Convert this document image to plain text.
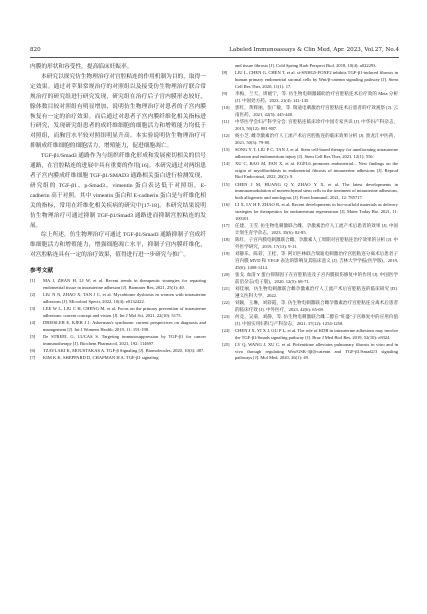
820	Labeled Immunoassays & Clin Med, Apr. 2023, Vol.27, No.4

内膜的形状和容受性，提高临床妊娠率。

本研究以探究仿生物理治疗对宫腔粘连的作用机制为目的，取得一定效果。通过对苹果常规治疗的对照组以及接受仿生物理治疗联合常规治疗的研究组进行研究发现，研究组在治疗后子宫内膜形态较好，腺体数目较对照组有明显增加，说明仿生物理治疗对患者的子宫内膜恢复有一定的治疗效果。而后通过对患者子宫内膜纤维化相关指标进行研究，发现研究组患者的成纤维细胞的细胞活力和增殖能力均低于对照组，而胸宫水平较对照组明显升高。本实验说明仿生物理治疗可抑制成纤维细胞的细胞活力，增殖能力，促进细胞凋亡。

TGF-β1/Smad3 通路作为与组织纤维化形成和发展密切相关的信号通路，在宫腔粘连的进展中具有重要的作用[16]。本研究通过对两组患者子宫内膜成纤维细胞 TGF-β1/SMAD3 通路相关蛋白进行检测发现，研究组的 TGF-β1、p-Smad3、vimentin 蛋白表达低于对照组，E-cadherin 高于对照。其中 vimentin 蛋白和 E-cadherin 蛋白是与纤维化相关的指标，常用在纤维化相关疾病的研究中[17-18]。本研究结果说明仿生物理治疗可通过抑制 TGF-β1/Smad3 通路进而抑制宫腔粘连的发展。

综上所述，仿生物理治疗可通过 TGF-β1/Smad3 通路抑制子宫成纤维细胞活力和增殖能力，增强细胞凋亡水平，抑制子宫内膜纤维化，对宫腔粘连具有一定的治疗效果，值得进行进一步研究与推广。

参考文献
[1] MA J, ZHAN H, LI W, et al. Recent trends in therapeutic strategies for repairing endometrial tissue in intrauterine adhesion [J]. Biomater Res, 2021, 25(1): 40.
[2] LIU N N, ZHAO X, TAN J C, et al. Mycobiome dysbiosis in women with intrauterine adhesions [J]. Microbiol Spectr, 2022, 10(4): e0132422.
[3] LEE W L, LIU C H, CHENG M, et al. Focus on the primary prevention of intrauterine adhesions: current concept and vision [J]. Int J Mol Sci, 2021, 22(10): 5175.
[4] DREISLER E, KJER J J. Asherman's syndrome: current perspectives on diagnosis and management [J]. Int J Womens Health, 2019, 11: 191-198.
[5] De STREEL G, LUCAS S. Targeting immunosuppression by TGF-β1 for cancer immunotherapy [J]. Biochem Pharmacol, 2021, 192: 114697.
[6] TZAVLAKI K, MOUSTAKAS A. TGF-β Signaling [J]. Biomolecules, 2020, 10(3): 487.
[7] KIM K K, SHEPPARD D, CHAPMAN H A. TGF-β1 signaling
and tissue fibrosis [J]. Cold Spring Harb Perspect Biol, 2018, 10(4): a022293.
[8] LIU L, CHEN G, CHEN T, et al. si-SNHG5-FOXF2 inhibits TGF-β1-induced fibrosis in human primary endometrial stromal cells by Wnt/β-catenin signaling pathway [J]. Stem Cell Res Ther, 2020, 11(1): 17.
[9] 李梅，兰天，周媛宁，等. 仿生物电刺激辅助治疗宫腔粘连术后疗效的 Meta 分析 [J]. 中国处方药，2023, 21(4): 141-145.
[10] 郭红，黄辉丽，张广敏，等. 瑞迪电刺激治疗宫腔粘连术后患者的疗效观察 [J]. 云南医药，2021, 42(5): 445-448.
[11] 中华医学会妇产科学分会. 宫腔粘连临床诊疗中国专家共识 [J]. 中华妇产科杂志，2015, 50(12): 881-887.
[12] 杨小芝. 雌孕激素治疗人工流产术后宫腔粘连的临床效果分析 [J]. 黑龙江中医药，2021, 50(3): 79-80.
[13] SONG Y T, LIU P C, TAN J, et al. Stem cell-based therapy for ameliorating intrauterine adhesion and endometrium injury [J]. Stem Cell Res Ther, 2021, 12(1): 556.
[14] XU C, BAO M, FAN X, et al. EGFL6 promotes endometrial... New findings on the origin of myofibroblasts in endometrial fibrosis of intrauterine adhesions [J]. Reprod Biol Endocrinol, 2022, 20(1): 9.
[15] CHEN J M, HUANG Q Y, ZHAO Y X, et al. The latest developments in immunomodulation of mesenchymal stem cells in the treatment of intrauterine adhesions, both allogeneic and autologous [J]. Front Immunol, 2021, 12: 785717.
[16] LI X, LV H F, ZHAO R, et al. Recent developments in bio-scaffold materials as delivery strategies for therapeutics for endometrium regeneration [J]. Mater Today Bio, 2021, 11: 100101.
[17] 任建，王雪. 仿生物电刺激联合雌、孕激素治疗人工流产术后患者的效果 [J]. 中国计划生育学杂志，2023, 35(6): 82-85.
[18] 陈红，子宫内膜电刺激联合雌、孕激素人工周期对宫腔粘连治疗效果的分析 [J]. 中外医学研究，2019, 17(13): 9-11.
[19] 刘静乐，陈彩，王桂、等. 阿司匹林联合瑞迪电刺激治疗宫腔粘连分离术后患者子宫内膜 MVD 和 VEGF 表达的影响及其临床意义 [J]. 吉林大学学报(医学版)，2019, 45(6): 1408-1414.
[20] 张戈. 血清 Y 蛋白抑制因子在宫腔粘连及子宫内膜损伤修复中的作用 [J]. 中国医学前沿杂志(电子版)，2020, 12(5): 68-71.
[21] 刘佳丽，仿生物电刺激联合雌孕激素治疗人工流产术后宫腔粘连的临床研究 [D]. 遵义医科大学，2022.
[22] 刘颖，王琳，刘彩霞，等. 仿生物电刺激联合雌孕激素治疗宫腔粘连分离术后患者的临床疗效 [J]. 中外医疗，2023, 42(6): 65-69.
[23] 何竞，吴菊，刘静，等. 仿生物电刺激联合雌二醇在"旺盛"子宫修复中的应用价值 [J]. 中国实用妇科与产科杂志，2021, 37(12): 1254-1258.
[24] CHEN J X, YI X J, GU P L, et al. The role of KDR in intrauterine adhesions may involve the TGF-β1/Smads signaling pathway [J]. Braz J Med Biol Res, 2019, 52(10): e8324.
[25] LV Q, WANG J, XU C, et al. Pirfenidone alleviates pulmonary fibrosis in vitro and in vivo through regulating Wnt/GSK-3β/β-catenin and TGF-β1/Smad2/3 signaling pathways [J]. Mol Med, 2020, 26(1): 49.
